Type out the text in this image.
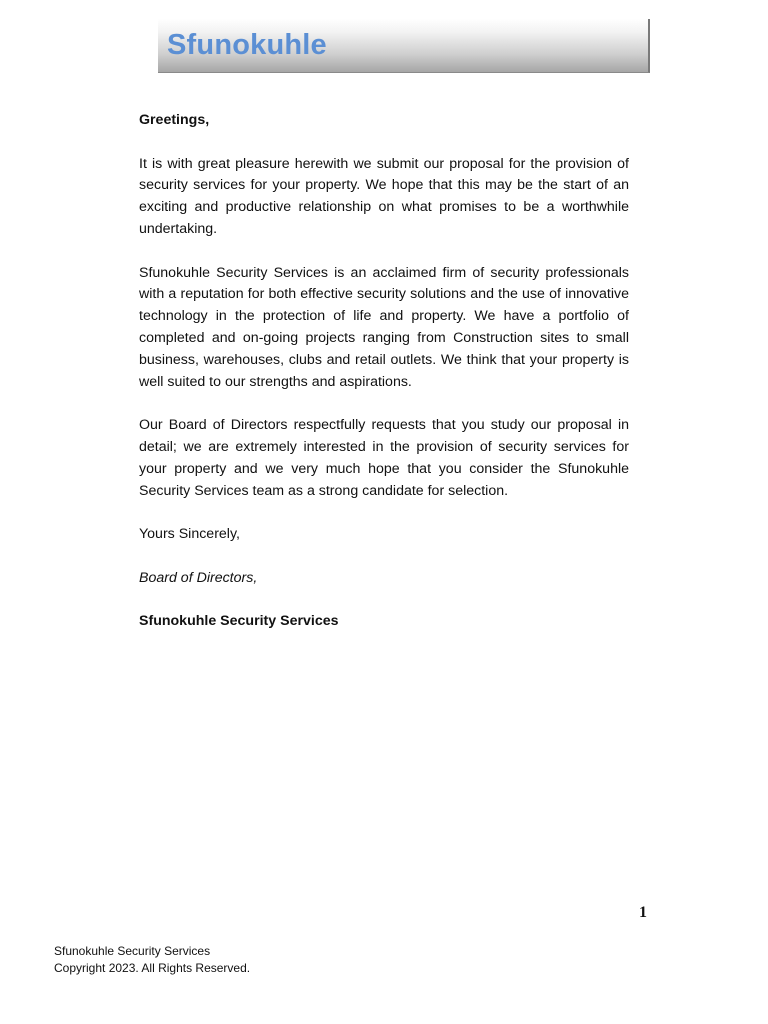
Sfunokuhle

Greetings,

It is with great pleasure herewith we submit our proposal for the provision of security services for your property. We hope that this may be the start of an exciting and productive relationship on what promises to be a worthwhile undertaking.

Sfunokuhle Security Services is an acclaimed firm of security professionals with a reputation for both effective security solutions and the use of innovative technology in the protection of life and property. We have a portfolio of completed and on-going projects ranging from Construction sites to small business, warehouses, clubs and retail outlets. We think that your property is well suited to our strengths and aspirations.

Our Board of Directors respectfully requests that you study our proposal in detail; we are extremely interested in the provision of security services for your property and we very much hope that you consider the Sfunokuhle Security Services team as a strong candidate for selection.

Yours Sincerely,

Board of Directors,

Sfunokuhle Security Services

1
Sfunokuhle Security Services
Copyright 2023. All Rights Reserved.
